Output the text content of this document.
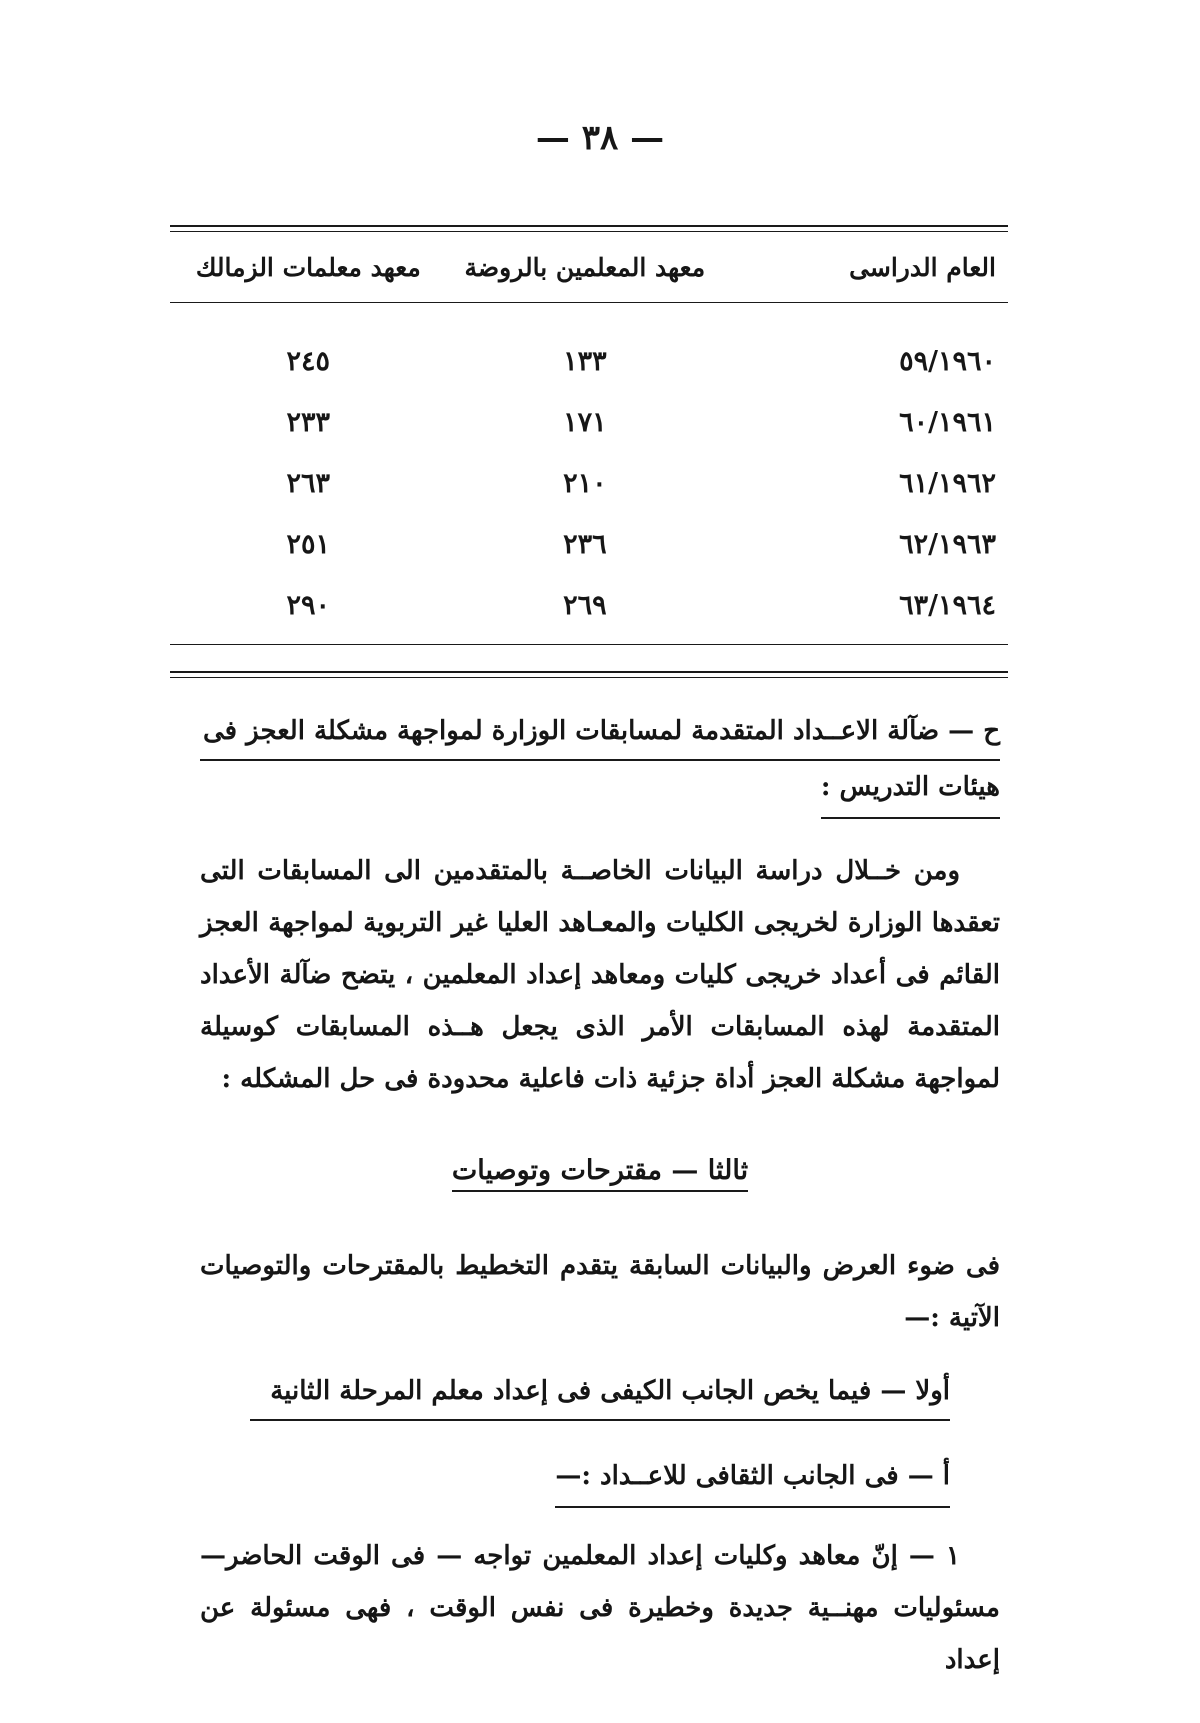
— ٣٨ —
العام الدراسى	معهد المعلمين بالروضة	معهد معلمات الزمالك
٥٩/١٩٦٠	١٣٣	٢٤٥
٦٠/١٩٦١	١٧١	٢٣٣
٦١/١٩٦٢	٢١٠	٢٦٣
٦٢/١٩٦٣	٢٣٦	٢٥١
٦٣/١٩٦٤	٢٦٩	٢٩٠
ح — ضآلة الاعــداد المتقدمة لمسابقات الوزارة لمواجهة مشكلة العجز فى
هيئات التدريس :
ومن خــلال دراسة البيانات الخاصــة بالمتقدمين الى المسابقات التى تعقدها الوزارة لخريجى الكليات والمعـاهد العليا غير التربوية لمواجهة العجز القائم فى أعداد خريجى كليات ومعاهد إعداد المعلمين ، يتضح ضآلة الأعداد المتقدمة لهذه المسابقات الأمر الذى يجعل هــذه المسابقات كوسيلة لمواجهة مشكلة العجز أداة جزئية ذات فاعلية محدودة فى حل المشكله :
ثالثا — مقترحات وتوصيات
فى ضوء العرض والبيانات السابقة يتقدم التخطيط بالمقترحات والتوصيات الآتية :—
أولا — فيما يخص الجانب الكيفى فى إعداد معلم المرحلة الثانية
أ — فى الجانب الثقافى للاعــداد :—
١ — إنّ معاهد وكليات إعداد المعلمين تواجه — فى الوقت الحاضر— مسئوليات مهنــية جديدة وخطيرة فى نفس الوقت ، فهى مسئولة عن إعداد
